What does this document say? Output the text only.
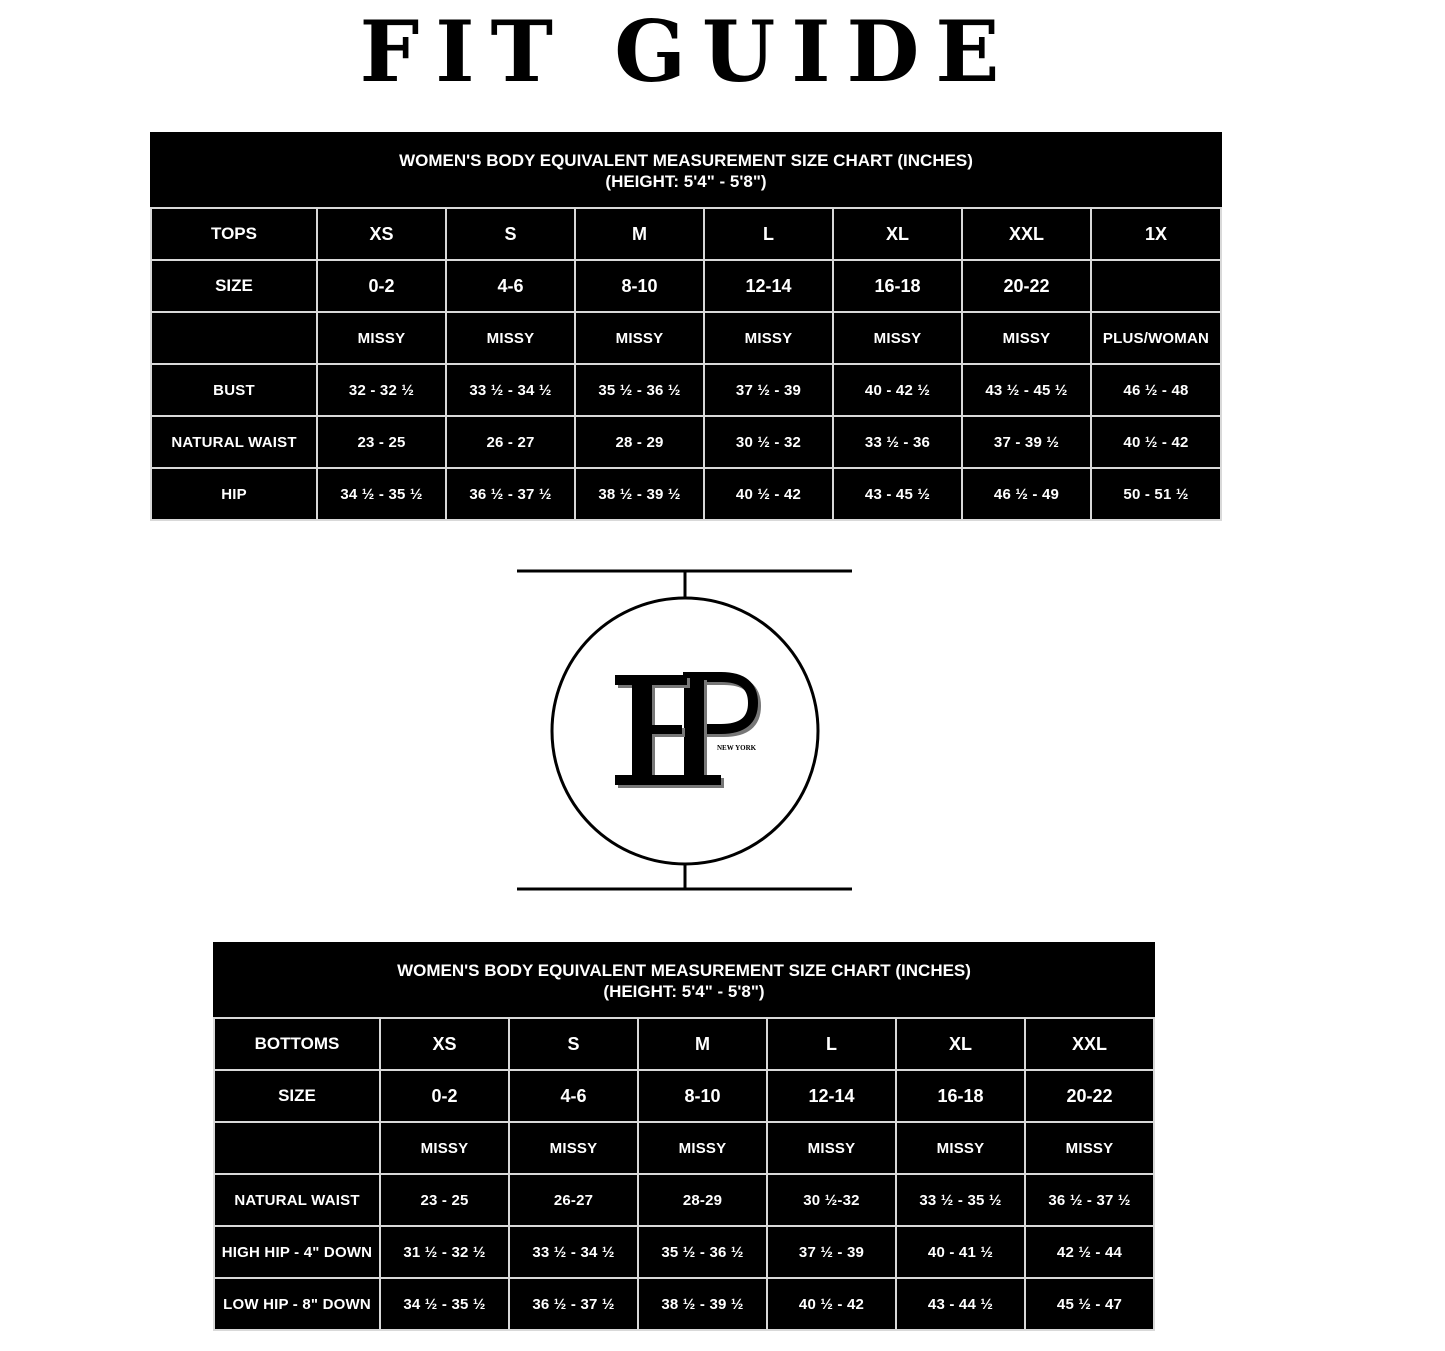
FIT GUIDE
WOMEN'S BODY EQUIVALENT MEASUREMENT SIZE CHART (INCHES)
(HEIGHT: 5'4" - 5'8")							

TOPS	XS	S	M	L	XL	XXL	1X
SIZE	0-2	4-6	8-10	12-14	16-18	20-22	
	MISSY	MISSY	MISSY	MISSY	MISSY	MISSY	PLUS/WOMAN
BUST	32 - 32 ½	33 ½ - 34 ½	35 ½ - 36 ½	37 ½ - 39	40 - 42 ½	43 ½ - 45 ½	46 ½ - 48
NATURAL WAIST	23 - 25	26 - 27	28 - 29	30 ½ - 32	33 ½ - 36	37 - 39 ½	40 ½ - 42
HIP	34 ½ - 35 ½	36 ½ - 37 ½	38 ½ - 39 ½	40 ½ - 42	43 - 45 ½	46 ½ - 49	50 - 51 ½
NEW YORK
WOMEN'S BODY EQUIVALENT MEASUREMENT SIZE CHART (INCHES)
(HEIGHT: 5'4" - 5'8")						

BOTTOMS	XS	S	M	L	XL	XXL
SIZE	0-2	4-6	8-10	12-14	16-18	20-22
	MISSY	MISSY	MISSY	MISSY	MISSY	MISSY
NATURAL WAIST	23 - 25	26-27	28-29	30 ½-32	33 ½ - 35 ½	36 ½ - 37 ½
HIGH HIP - 4" DOWN	31 ½ - 32 ½	33 ½ - 34 ½	35 ½ - 36 ½	37 ½ - 39	40 - 41 ½	42 ½ - 44
LOW HIP - 8" DOWN	34 ½ - 35 ½	36 ½ - 37 ½	38 ½ - 39 ½	40 ½ - 42	43 - 44 ½	45 ½ - 47
